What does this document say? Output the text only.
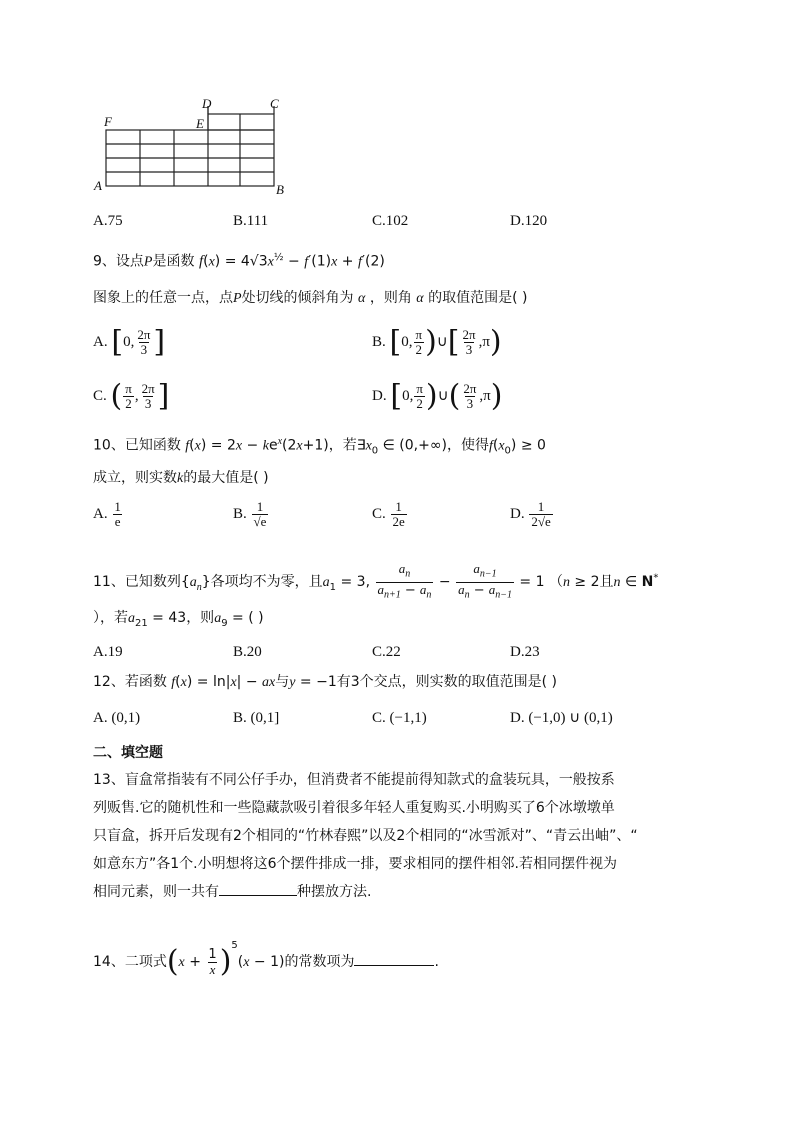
F	E
D	C
A	B
A.75	B.111	C.102	D.120
9、设点P是函数 $f(x) = 4√3x^{\frac{1}{2}} - f'(1)x + f'(2)$
图象上的任意一点，点P处切线的倾斜角为 α ，则角 α 的取值范围是( )
A. [0, $\frac{2\pi}{3}$ ]	B. [0, $\frac{\pi}{2}$ )∪[ $\frac{2\pi}{3} ,\pi$)
C. ( $\frac{\pi}{2}$ , $\frac{2\pi}{3}$ ]	D. [0, $\frac{\pi}{2}$ )∪( $\frac{2\pi}{3} ,\pi$)
10、已知函数 $f(x) = 2x - ke^x(2x+1)$，若$\exists x_0$ ∈ (0,+∞)，使得$f(x_0) \ge 0$
成立，则实数k的最大值是( )
A. $\frac{1}{e}$	B. $\frac{1}{√e}$	C. $\frac{1}{2e}$	D. $\frac{1}{2√e}$
11、已知数列$\{a_n\}$各项均不为零，且$a_1 = 3$, $\frac{a_n}{a_{n+1} - a_n} - \frac{a_{n-1}}{a_n - a_{n-1}} = 1$ （n ≥ 2且n ∈ N*
），若$a_{21} = 43$，则$a_9$ = ( )
A.19	B.20	C.22	D.23
12、若函数 f(x) = ln|x| − ax与y = −1有3个交点，则实数的取值范围是( )
A. (0,1)	B. (0,1]	C. (−1,1)	D. (−1,0) ∪ (0,1)
二、填空题
13、盲盒常指装有不同公仔手办，但消费者不能提前得知款式的盒装玩具，一般按系
列贩售.它的随机性和一些隐藏款吸引着很多年轻人重复购买.小明购买了6个冰墩墩单
只盲盒，拆开后发现有2个相同的“竹林春熙”以及2个相同的“冰雪派对”、“青云出岫”、“
如意东方”各1个.小明想将这6个摆件排成一排，要求相同的摆件相邻.若相同摆件视为
相同元素，则一共有	种摆放方法.
14、二项式$(x + \frac{1}{x} )^5(x - 1)$的常数项为	.
